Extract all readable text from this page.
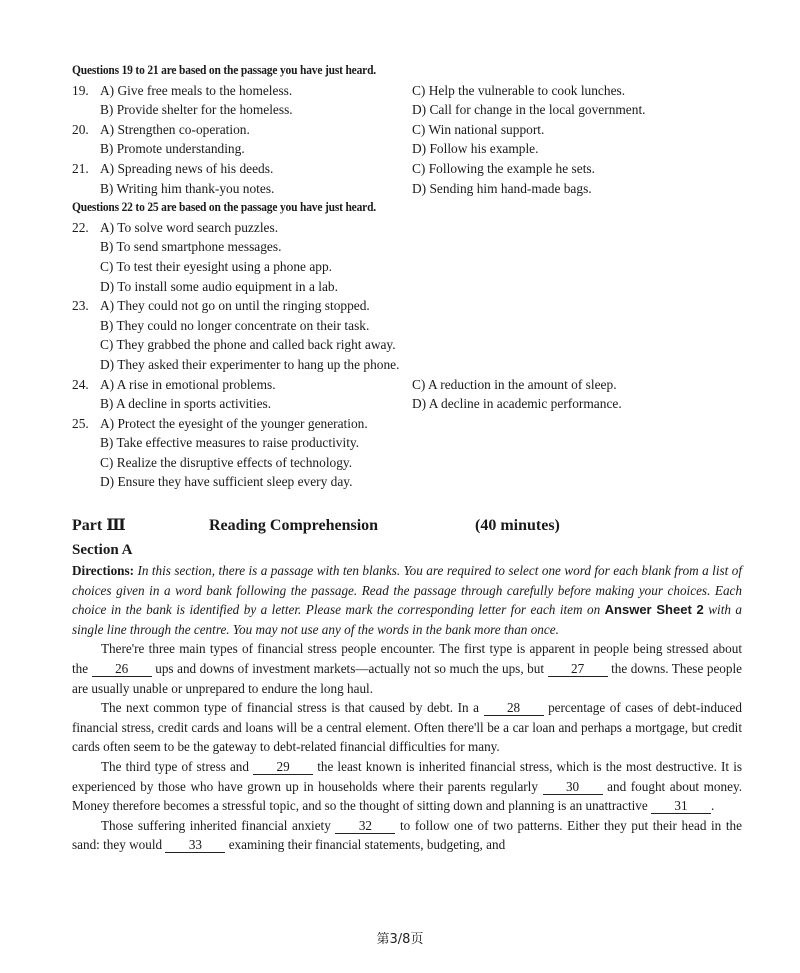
Questions 19 to 21 are based on the passage you have just heard.
19. A) Give free meals to the homeless.	C) Help the vulnerable to cook lunches.
B) Provide shelter for the homeless.	D) Call for change in the local government.
20. A) Strengthen co-operation.	C) Win national support.
B) Promote understanding.	D) Follow his example.
21. A) Spreading news of his deeds.	C) Following the example he sets.
B) Writing him thank-you notes.	D) Sending him hand-made bags.
Questions 22 to 25 are based on the passage you have just heard.
22. A) To solve word search puzzles.
B) To send smartphone messages.
C) To test their eyesight using a phone app.
D) To install some audio equipment in a lab.
23. A) They could not go on until the ringing stopped.
B) They could no longer concentrate on their task.
C) They grabbed the phone and called back right away.
D) They asked their experimenter to hang up the phone.
24. A) A rise in emotional problems.	C) A reduction in the amount of sleep.
B) A decline in sports activities.	D) A decline in academic performance.
25. A) Protect the eyesight of the younger generation.
B) Take effective measures to raise productivity.
C) Realize the disruptive effects of technology.
D) Ensure they have sufficient sleep every day.
Part Ⅲ	Reading Comprehension	(40 minutes)
Section A
Directions: In this section, there is a passage with ten blanks. You are required to select one word for each blank from a list of choices given in a word bank following the passage. Read the passage through carefully before making your choices. Each choice in the bank is identified by a letter. Please mark the corresponding letter for each item on Answer Sheet 2 with a single line through the centre. You may not use any of the words in the bank more than once.

There're three main types of financial stress people encounter. The first type is apparent in people being stressed about the 26 ups and downs of investment markets—actually not so much the ups, but 27 the downs. These people are usually unable or unprepared to endure the long haul.

The next common type of financial stress is that caused by debt. In a 28 percentage of cases of debt-induced financial stress, credit cards and loans will be a central element. Often there'll be a car loan and perhaps a mortgage, but credit cards often seem to be the gateway to debt-related financial difficulties for many.

The third type of stress and 29 the least known is inherited financial stress, which is the most destructive. It is experienced by those who have grown up in households where their parents regularly 30 and fought about money. Money therefore becomes a stressful topic, and so the thought of sitting down and planning is an unattractive 31 .

Those suffering inherited financial anxiety 32 to follow one of two patterns. Either they put their head in the sand: they would 33 examining their financial statements, budgeting, and

第3/8页
